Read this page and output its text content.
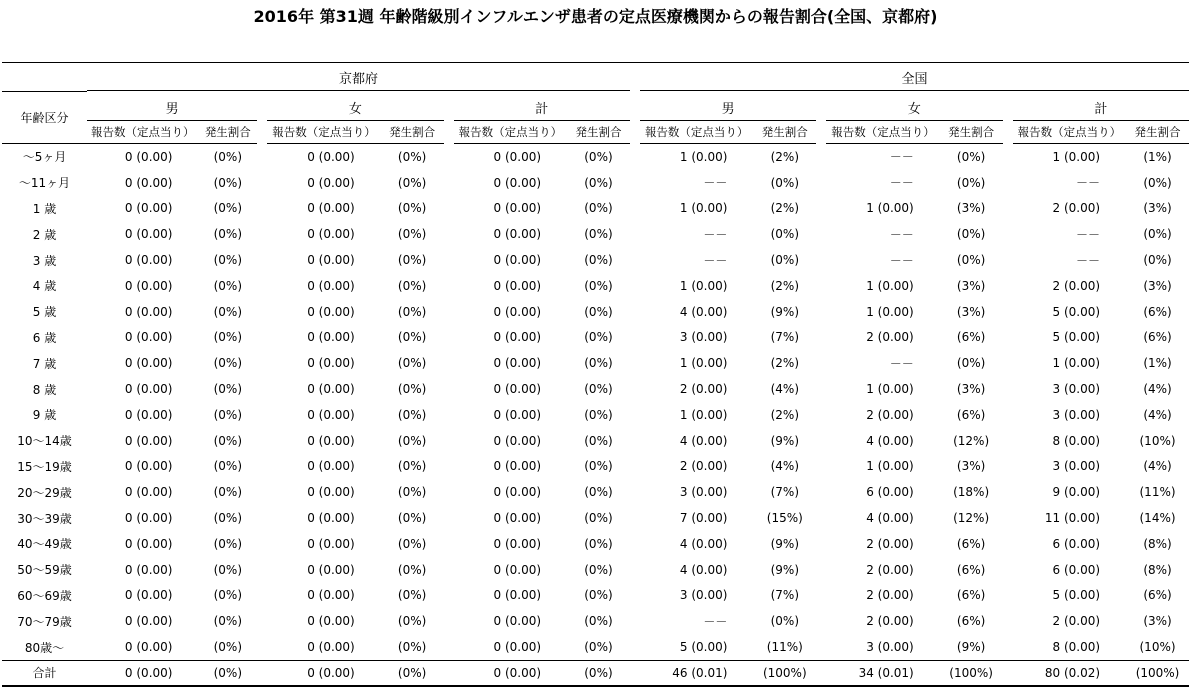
2016年 第31週 年齢階級別インフルエンザ患者の定点医療機関からの報告割合(全国、京都府)
	京都府									全国							
年齢区分	男			女			計			男			女			計	
	報告数（定点当り）	発生割合		報告数（定点当り）	発生割合		報告数（定点当り）	発生割合		報告数（定点当り）	発生割合		報告数（定点当り）	発生割合		報告数（定点当り）	発生割合
〜5ヶ月	0 (0.00)	(0%)		0 (0.00)	(0%)		0 (0.00)	(0%)		1 (0.00)	(2%)		－－	(0%)		1 (0.00)	(1%)
〜11ヶ月	0 (0.00)	(0%)		0 (0.00)	(0%)		0 (0.00)	(0%)		－－	(0%)		－－	(0%)		－－	(0%)
1 歳	0 (0.00)	(0%)		0 (0.00)	(0%)		0 (0.00)	(0%)		1 (0.00)	(2%)		1 (0.00)	(3%)		2 (0.00)	(3%)
2 歳	0 (0.00)	(0%)		0 (0.00)	(0%)		0 (0.00)	(0%)		－－	(0%)		－－	(0%)		－－	(0%)
3 歳	0 (0.00)	(0%)		0 (0.00)	(0%)		0 (0.00)	(0%)		－－	(0%)		－－	(0%)		－－	(0%)
4 歳	0 (0.00)	(0%)		0 (0.00)	(0%)		0 (0.00)	(0%)		1 (0.00)	(2%)		1 (0.00)	(3%)		2 (0.00)	(3%)
5 歳	0 (0.00)	(0%)		0 (0.00)	(0%)		0 (0.00)	(0%)		4 (0.00)	(9%)		1 (0.00)	(3%)		5 (0.00)	(6%)
6 歳	0 (0.00)	(0%)		0 (0.00)	(0%)		0 (0.00)	(0%)		3 (0.00)	(7%)		2 (0.00)	(6%)		5 (0.00)	(6%)
7 歳	0 (0.00)	(0%)		0 (0.00)	(0%)		0 (0.00)	(0%)		1 (0.00)	(2%)		－－	(0%)		1 (0.00)	(1%)
8 歳	0 (0.00)	(0%)		0 (0.00)	(0%)		0 (0.00)	(0%)		2 (0.00)	(4%)		1 (0.00)	(3%)		3 (0.00)	(4%)
9 歳	0 (0.00)	(0%)		0 (0.00)	(0%)		0 (0.00)	(0%)		1 (0.00)	(2%)		2 (0.00)	(6%)		3 (0.00)	(4%)
10〜14歳	0 (0.00)	(0%)		0 (0.00)	(0%)		0 (0.00)	(0%)		4 (0.00)	(9%)		4 (0.00)	(12%)		8 (0.00)	(10%)
15〜19歳	0 (0.00)	(0%)		0 (0.00)	(0%)		0 (0.00)	(0%)		2 (0.00)	(4%)		1 (0.00)	(3%)		3 (0.00)	(4%)
20〜29歳	0 (0.00)	(0%)		0 (0.00)	(0%)		0 (0.00)	(0%)		3 (0.00)	(7%)		6 (0.00)	(18%)		9 (0.00)	(11%)
30〜39歳	0 (0.00)	(0%)		0 (0.00)	(0%)		0 (0.00)	(0%)		7 (0.00)	(15%)		4 (0.00)	(12%)		11 (0.00)	(14%)
40〜49歳	0 (0.00)	(0%)		0 (0.00)	(0%)		0 (0.00)	(0%)		4 (0.00)	(9%)		2 (0.00)	(6%)		6 (0.00)	(8%)
50〜59歳	0 (0.00)	(0%)		0 (0.00)	(0%)		0 (0.00)	(0%)		4 (0.00)	(9%)		2 (0.00)	(6%)		6 (0.00)	(8%)
60〜69歳	0 (0.00)	(0%)		0 (0.00)	(0%)		0 (0.00)	(0%)		3 (0.00)	(7%)		2 (0.00)	(6%)		5 (0.00)	(6%)
70〜79歳	0 (0.00)	(0%)		0 (0.00)	(0%)		0 (0.00)	(0%)		－－	(0%)		2 (0.00)	(6%)		2 (0.00)	(3%)
80歳〜	0 (0.00)	(0%)		0 (0.00)	(0%)		0 (0.00)	(0%)		5 (0.00)	(11%)		3 (0.00)	(9%)		8 (0.00)	(10%)
合計	0 (0.00)	(0%)		0 (0.00)	(0%)		0 (0.00)	(0%)		46 (0.01)	(100%)		34 (0.01)	(100%)		80 (0.02)	(100%)
